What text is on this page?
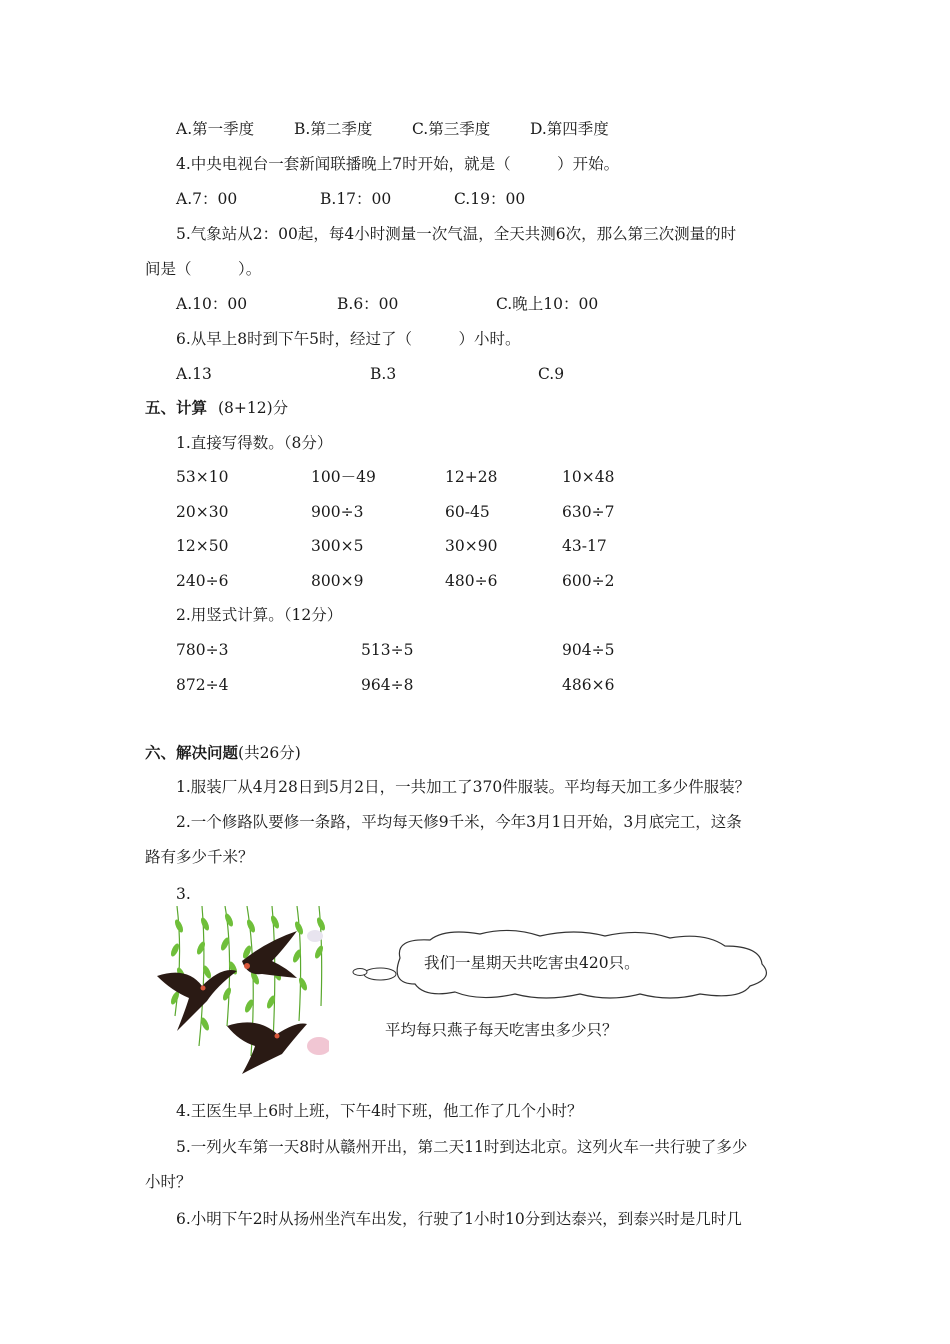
A.第一季度	B.第二季度	C.第三季度	D.第四季度
4.中央电视台一套新闻联播晚上7时开始，就是（　　　）开始。
A.7：00	B.17：00	C.19：00
5.气象站从2：00起，每4小时测量一次气温，全天共测6次，那么第三次测量的时
间是（　　　）。
A.10：00	B.6：00	C.晚上10：00
6.从早上8时到下午5时，经过了（　　　）小时。
A.13	B.3	C.9
五、计算 (8+12)分
1.直接写得数。（8分）
53×10	100－49	12+28	10×48
20×30	900÷3	60-45	630÷7
12×50	300×5	30×90	43-17
240÷6	800×9	480÷6	600÷2
2.用竖式计算。（12分）
780÷3	513÷5	904÷5
872÷4	964÷8	486×6
六、解决问题(共26分)
1.服装厂从4月28日到5月2日，一共加工了370件服装。平均每天加工多少件服装？
2.一个修路队要修一条路，平均每天修9千米，今年3月1日开始，3月底完工，这条
路有多少千米？
3.
我们一星期天共吃害虫420只。
平均每只燕子每天吃害虫多少只？
4.王医生早上6时上班，下午4时下班，他工作了几个小时？
5.一列火车第一天8时从赣州开出，第二天11时到达北京。这列火车一共行驶了多少
小时？
6.小明下午2时从扬州坐汽车出发，行驶了1小时10分到达泰兴，到泰兴时是几时几
